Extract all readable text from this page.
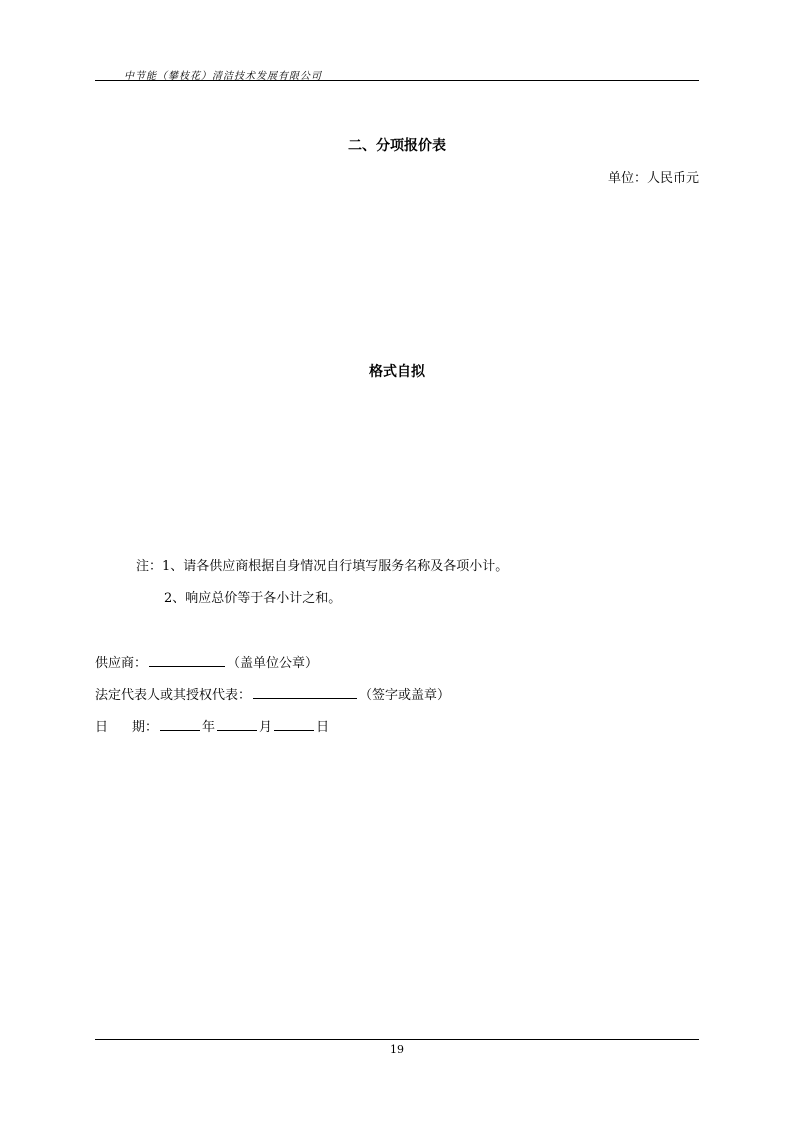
中节能（攀枝花）清洁技术发展有限公司
二、分项报价表
单位：人民币元
格式自拟
注：1、请各供应商根据自身情况自行填写服务名称及各项小计。
2、响应总价等于各小计之和。
供应商：	（盖单位公章）
法定代表人或其授权代表：	（签字或盖章）
日 期：	年	月	日
19
